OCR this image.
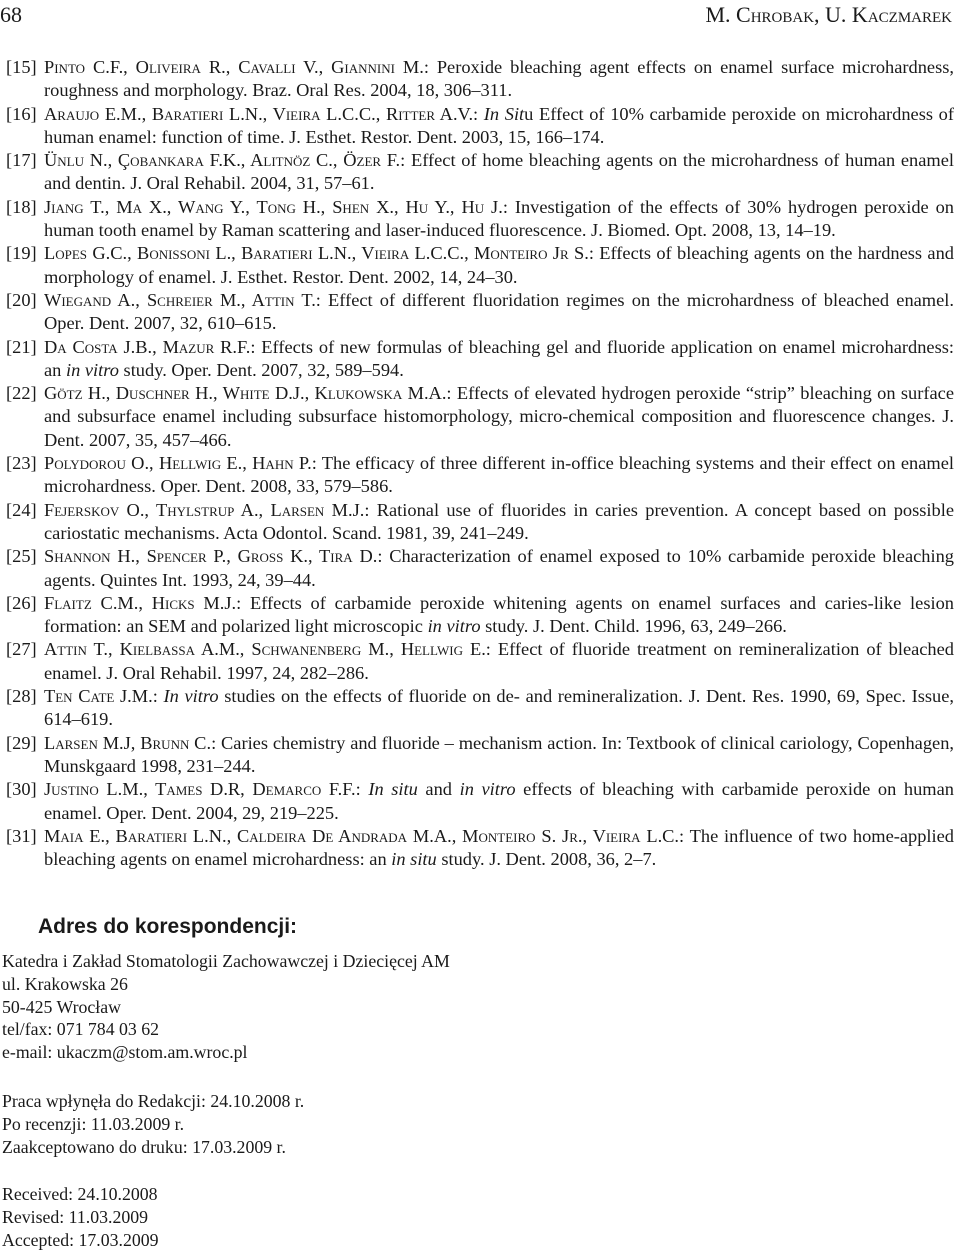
68	M. Chrobak, U. Kaczmarek
[15] Pinto C.F., Oliveira R., Cavalli V., Giannini M.: Peroxide bleaching agent effects on enamel surface microhardness, roughness and morphology. Braz. Oral Res. 2004, 18, 306–311.
[16] Araujo E.M., Baratieri L.N., Vieira L.C.C., Ritter A.V.: In Situ Effect of 10% carbamide peroxide on microhardness of human enamel: function of time. J. Esthet. Restor. Dent. 2003, 15, 166–174.
[17] Ünlu N., Çobankara F.K., Alitnöz C., Özer F.: Effect of home bleaching agents on the microhardness of human enamel and dentin. J. Oral Rehabil. 2004, 31, 57–61.
[18] Jiang T., Ma X., Wang Y., Tong H., Shen X., Hu Y., Hu J.: Investigation of the effects of 30% hydrogen peroxide on human tooth enamel by Raman scattering and laser-induced fluorescence. J. Biomed. Opt. 2008, 13, 14–19.
[19] Lopes G.C., Bonissoni L., Baratieri L.N., Vieira L.C.C., Monteiro Jr S.: Effects of bleaching agents on the hardness and morphology of enamel. J. Esthet. Restor. Dent. 2002, 14, 24–30.
[20] Wiegand A., Schreier M., Attin T.: Effect of different fluoridation regimes on the microhardness of bleached enamel. Oper. Dent. 2007, 32, 610–615.
[21] Da Costa J.B., Mazur R.F.: Effects of new formulas of bleaching gel and fluoride application on enamel microhardness: an in vitro study. Oper. Dent. 2007, 32, 589–594.
[22] Götz H., Duschner H., White D.J., Klukowska M.A.: Effects of elevated hydrogen peroxide “strip” bleaching on surface and subsurface enamel including subsurface histomorphology, micro-chemical composition and fluorescence changes. J. Dent. 2007, 35, 457–466.
[23] Polydorou O., Hellwig E., Hahn P.: The efficacy of three different in-office bleaching systems and their effect on enamel microhardness. Oper. Dent. 2008, 33, 579–586.
[24] Fejerskov O., Thylstrup A., Larsen M.J.: Rational use of fluorides in caries prevention. A concept based on possible cariostatic mechanisms. Acta Odontol. Scand. 1981, 39, 241–249.
[25] Shannon H., Spencer P., Gross K., Tira D.: Characterization of enamel exposed to 10% carbamide peroxide bleaching agents. Quintes Int. 1993, 24, 39–44.
[26] Flaitz C.M., Hicks M.J.: Effects of carbamide peroxide whitening agents on enamel surfaces and caries-like lesion formation: an SEM and polarized light microscopic in vitro study. J. Dent. Child. 1996, 63, 249–266.
[27] Attin T., Kielbassa A.M., Schwanenberg M., Hellwig E.: Effect of fluoride treatment on remineralization of bleached enamel. J. Oral Rehabil. 1997, 24, 282–286.
[28] Ten Cate J.M.: In vitro studies on the effects of fluoride on de- and remineralization. J. Dent. Res. 1990, 69, Spec. Issue, 614–619.
[29] Larsen M.J, Brunn C.: Caries chemistry and fluoride – mechanism action. In: Textbook of clinical cariology, Copenhagen, Munskgaard 1998, 231–244.
[30] Justino L.M., Tames D.R, Demarco F.F.: In situ and in vitro effects of bleaching with carbamide peroxide on human enamel. Oper. Dent. 2004, 29, 219–225.
[31] Maia E., Baratieri L.N., Caldeira De Andrada M.A., Monteiro S. Jr., Vieira L.C.: The influence of two home-applied bleaching agents on enamel microhardness: an in situ study. J. Dent. 2008, 36, 2–7.
Adres do korespondencji:
Katedra i Zakład Stomatologii Zachowawczej i Dziecięcej AM
ul. Krakowska 26
50-425 Wrocław
tel/fax: 071 784 03 62
e-mail: ukaczm@stom.am.wroc.pl
Praca wpłynęła do Redakcji: 24.10.2008 r.
Po recenzji: 11.03.2009 r.
Zaakceptowano do druku: 17.03.2009 r.
Received: 24.10.2008
Revised: 11.03.2009
Accepted: 17.03.2009
